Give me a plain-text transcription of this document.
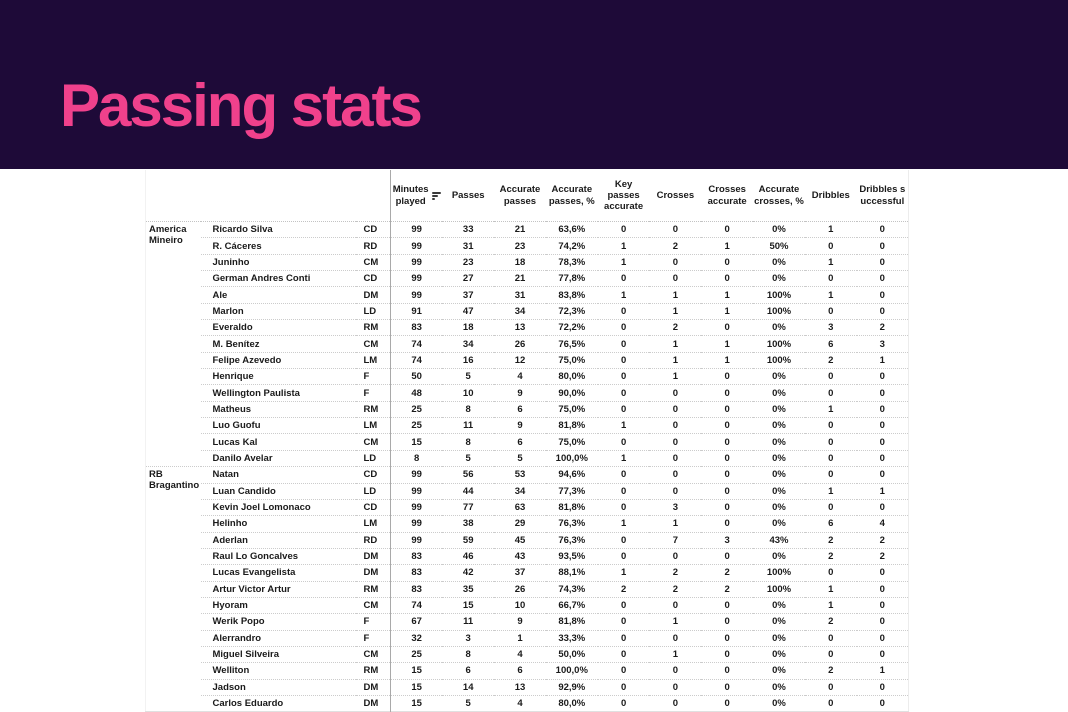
Passing stats

			Minutes played	Passes	Accurate passes	Accurate passes, %	Key passes accurate	Crosses	Crosses accurate	Accurate crosses, %	Dribbles	Dribbles successful
America Mineiro	Ricardo Silva	CD	99	33	21	63,6%	0	0	0	0%	1	0
	R. Cáceres	RD	99	31	23	74,2%	1	2	1	50%	0	0
	Juninho	CM	99	23	18	78,3%	1	0	0	0%	1	0
	German Andres Conti	CD	99	27	21	77,8%	0	0	0	0%	0	0
	Ale	DM	99	37	31	83,8%	1	1	1	100%	1	0
	Marlon	LD	91	47	34	72,3%	0	1	1	100%	0	0
	Everaldo	RM	83	18	13	72,2%	0	2	0	0%	3	2
	M. Benítez	CM	74	34	26	76,5%	0	1	1	100%	6	3
	Felipe Azevedo	LM	74	16	12	75,0%	0	1	1	100%	2	1
	Henrique	F	50	5	4	80,0%	0	1	0	0%	0	0
	Wellington Paulista	F	48	10	9	90,0%	0	0	0	0%	0	0
	Matheus	RM	25	8	6	75,0%	0	0	0	0%	1	0
	Luo Guofu	LM	25	11	9	81,8%	1	0	0	0%	0	0
	Lucas Kal	CM	15	8	6	75,0%	0	0	0	0%	0	0
	Danilo Avelar	LD	8	5	5	100,0%	1	0	0	0%	0	0
RB Bragantino	Natan	CD	99	56	53	94,6%	0	0	0	0%	0	0
	Luan Candido	LD	99	44	34	77,3%	0	0	0	0%	1	1
	Kevin Joel Lomonaco	CD	99	77	63	81,8%	0	3	0	0%	0	0
	Helinho	LM	99	38	29	76,3%	1	1	0	0%	6	4
	Aderlan	RD	99	59	45	76,3%	0	7	3	43%	2	2
	Raul Lo Goncalves	DM	83	46	43	93,5%	0	0	0	0%	2	2
	Lucas Evangelista	DM	83	42	37	88,1%	1	2	2	100%	0	0
	Artur Victor Artur	RM	83	35	26	74,3%	2	2	2	100%	1	0
	Hyoram	CM	74	15	10	66,7%	0	0	0	0%	1	0
	Werik Popo	F	67	11	9	81,8%	0	1	0	0%	2	0
	Alerrandro	F	32	3	1	33,3%	0	0	0	0%	0	0
	Miguel Silveira	CM	25	8	4	50,0%	0	1	0	0%	0	0
	Welliton	RM	15	6	6	100,0%	0	0	0	0%	2	1
	Jadson	DM	15	14	13	92,9%	0	0	0	0%	0	0
	Carlos Eduardo	DM	15	5	4	80,0%	0	0	0	0%	0	0
